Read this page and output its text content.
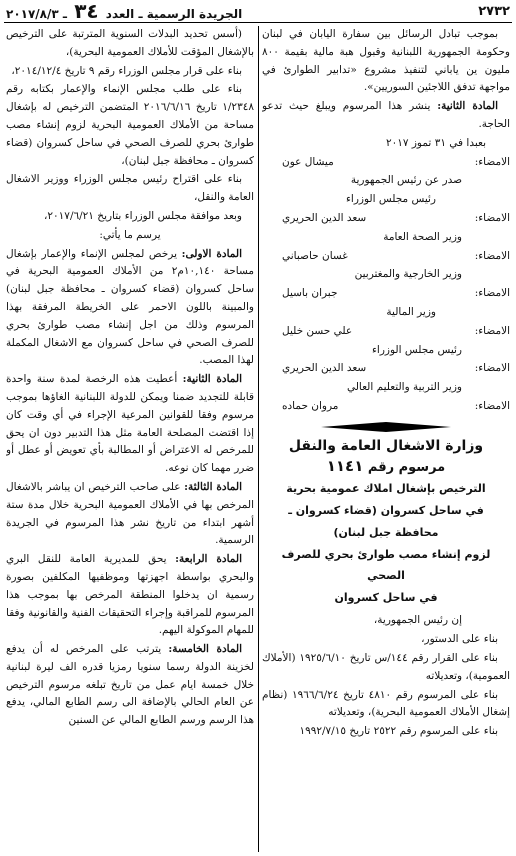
٢٧٣٢
الجريدة الرسمية ـ العدد ٣٤ ـ ٢٠١٧/٨/٣

بموجب تبادل الرسائل بين سفارة اليابان في لبنان وحكومة الجمهورية اللبنانية وقبول هبة مالية بقيمة ٨٠٠ مليون ين ياباني لتنفيذ مشروع «تدابير الطوارئ في مواجهة تدفق اللاجئين السوريين».

المادة الثانية: ينشر هذا المرسوم ويبلغ حيث تدعو الحاجة.

بعبدا في ٣١ تموز ٢٠١٧

الامضاء:
ميشال عون

صدر عن رئيس الجمهورية

رئيس مجلس الوزراء

الامضاء:
سعد الدين الحريري

وزير الصحة العامة

الامضاء:
غسان حاصباني

وزير الخارجية والمغتربين

الامضاء:
جبران باسيل

وزير المالية

الامضاء:
علي حسن خليل

رئيس مجلس الوزراء

الامضاء:
سعد الدين الحريري

وزير التربية والتعليم العالي

الامضاء:
مروان حماده

وزارة الاشغال العامة والنقل
مرسوم رقم ١١٤١

الترخيص بإشغال املاك عمومية بحرية

في ساحل كسروان (قضاء كسروان ـ

محافظة جبل لبنان)

لزوم إنشاء مصب طوارئ بحري للصرف الصحي

في ساحل كسروان

إن رئيس الجمهورية،

بناء على الدستور،

بناء على القرار رقم ١٤٤/س تاريخ ١٩٢٥/٦/١٠ (الأملاك العمومية)، وتعديلاته

بناء على المرسوم رقم ٤٨١٠ تاريخ ١٩٦٦/٦/٢٤ (نظام إشغال الأملاك العمومية البحرية)، وتعديلاته

بناء على المرسوم رقم ٢٥٢٢ تاريخ ١٩٩٢/٧/١٥

(أسس تحديد البدلات السنوية المترتبة على الترخيص بالإشغال المؤقت للأملاك العمومية البحرية)،

بناء على قرار مجلس الوزراء رقم ٩ تاريخ ٢٠١٤/١٢/٤،

بناء على طلب مجلس الإنماء والإعمار بكتابه رقم ١/٢٣٤٨ تاريخ ٢٠١٦/٦/١٦ المتضمن الترخيص له بإشغال مساحة من الأملاك العمومية البحرية لزوم إنشاء مصب طوارئ بحري للصرف الصحي في ساحل كسروان (قضاء كسروان ـ محافظة جبل لبنان)،

بناء على اقتراح رئيس مجلس الوزراء ووزير الاشغال العامة والنقل،

وبعد موافقة مجلس الوزراء بتاريخ ٢٠١٧/٦/٢١،

يرسم ما يأتي:

المادة الاولى: يرخص لمجلس الإنماء والإعمار بإشغال مساحة ١٠,١٤٠م٢ من الأملاك العمومية البحرية في ساحل كسروان (قضاء كسروان ـ محافظة جبل لبنان) والمبينة باللون الاحمر على الخريطة المرفقة بهذا المرسوم وذلك من اجل إنشاء مصب طوارئ بحري للصرف الصحي في ساحل كسروان مع الاشغال المكملة لهذا المصب.

المادة الثانية: أعطيت هذه الرخصة لمدة سنة واحدة قابلة للتجديد ضمنا ويمكن للدولة اللبنانية الغاؤها بموجب مرسوم وفقا للقوانين المرعية الإجراء في أي وقت كان إذا اقتضت المصلحة العامة مثل هذا التدبير دون ان يحق للمرخص له الاعتراض أو المطالبة بأي تعويض أو عطل أو ضرر مهما كان نوعه.

المادة الثالثة: على صاحب الترخيص ان يباشر بالاشغال المرخص بها في الأملاك العمومية البحرية خلال مدة ستة أشهر ابتداء من تاريخ نشر هذا المرسوم في الجريدة الرسمية.

المادة الرابعة: يحق للمديرية العامة للنقل البري والبحري بواسطة اجهزتها وموظفيها المكلفين بصورة رسمية ان يدخلوا المنطقة المرخص بها بموجب هذا المرسوم للمراقبة وإجراء التحقيقات الفنية والقانونية وفقا للمهام الموكولة اليهم.

المادة الخامسة: يترتب على المرخص له أن يدفع لخزينة الدولة رسما سنويا رمزيا قدره الف ليرة لبنانية خلال خمسة ايام عمل من تاريخ تبلغه مرسوم الترخيص عن العام الحالي بالإضافة الى رسم الطابع المالي، يدفع هذا الرسم ورسم الطابع المالي عن السنين
